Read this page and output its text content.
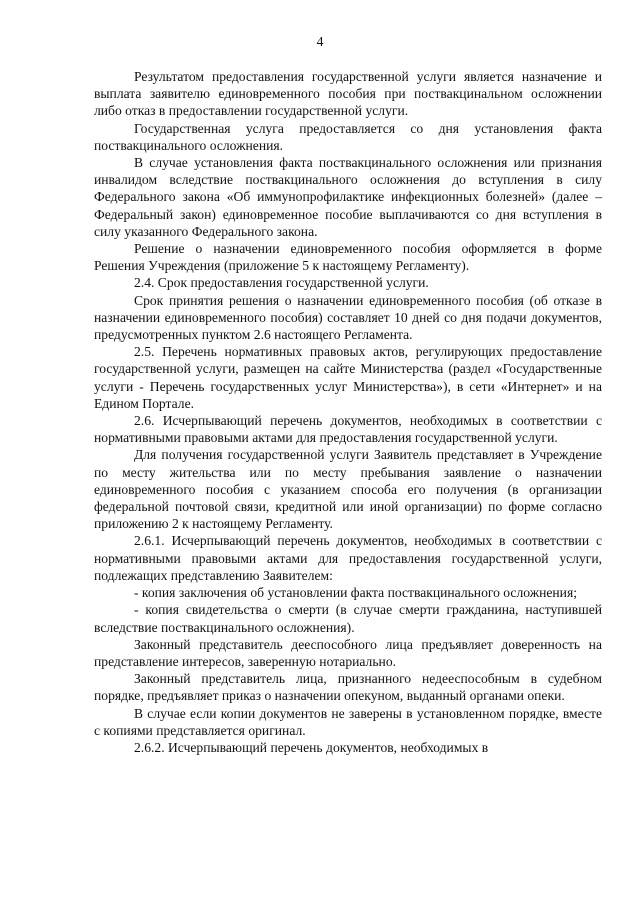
4

Результатом предоставления государственной услуги является назначение и выплата заявителю единовременного пособия при поствакцинальном осложнении либо отказ в предоставлении государственной услуги.

Государственная услуга предоставляется со дня установления факта поствакцинального осложнения.

В случае установления факта поствакцинального осложнения или признания инвалидом вследствие поствакцинального осложнения до вступления в силу Федерального закона «Об иммунопрофилактике инфекционных болезней» (далее – Федеральный закон) единовременное пособие выплачиваются со дня вступления в силу указанного Федерального закона.

Решение о назначении единовременного пособия оформляется в форме Решения Учреждения (приложение 5 к настоящему Регламенту).

2.4. Срок предоставления государственной услуги.

Срок принятия решения о назначении единовременного пособия (об отказе в назначении единовременного пособия) составляет 10 дней со дня подачи документов, предусмотренных пунктом 2.6 настоящего Регламента.

2.5. Перечень нормативных правовых актов, регулирующих предоставление государственной услуги, размещен на сайте Министерства (раздел «Государственные услуги - Перечень государственных услуг Министерства»), в сети «Интернет» и на Едином Портале.

2.6. Исчерпывающий перечень документов, необходимых в соответствии с нормативными правовыми актами для предоставления государственной услуги.

Для получения государственной услуги Заявитель представляет в Учреждение по месту жительства или по месту пребывания заявление о назначении единовременного пособия с указанием способа его получения (в организации федеральной почтовой связи, кредитной или иной организации) по форме согласно приложению 2 к настоящему Регламенту.

2.6.1. Исчерпывающий перечень документов, необходимых в соответствии с нормативными правовыми актами для предоставления государственной услуги, подлежащих представлению Заявителем:

- копия заключения об установлении факта поствакцинального осложнения;

- копия свидетельства о смерти (в случае смерти гражданина, наступившей вследствие поствакцинального осложнения).

Законный представитель дееспособного лица предъявляет доверенность на представление интересов, заверенную нотариально.

Законный представитель лица, признанного недееспособным в судебном порядке, предъявляет приказ о назначении опекуном, выданный органами опеки.

В случае если копии документов не заверены в установленном порядке, вместе с копиями представляется оригинал.

2.6.2. Исчерпывающий перечень документов, необходимых в
